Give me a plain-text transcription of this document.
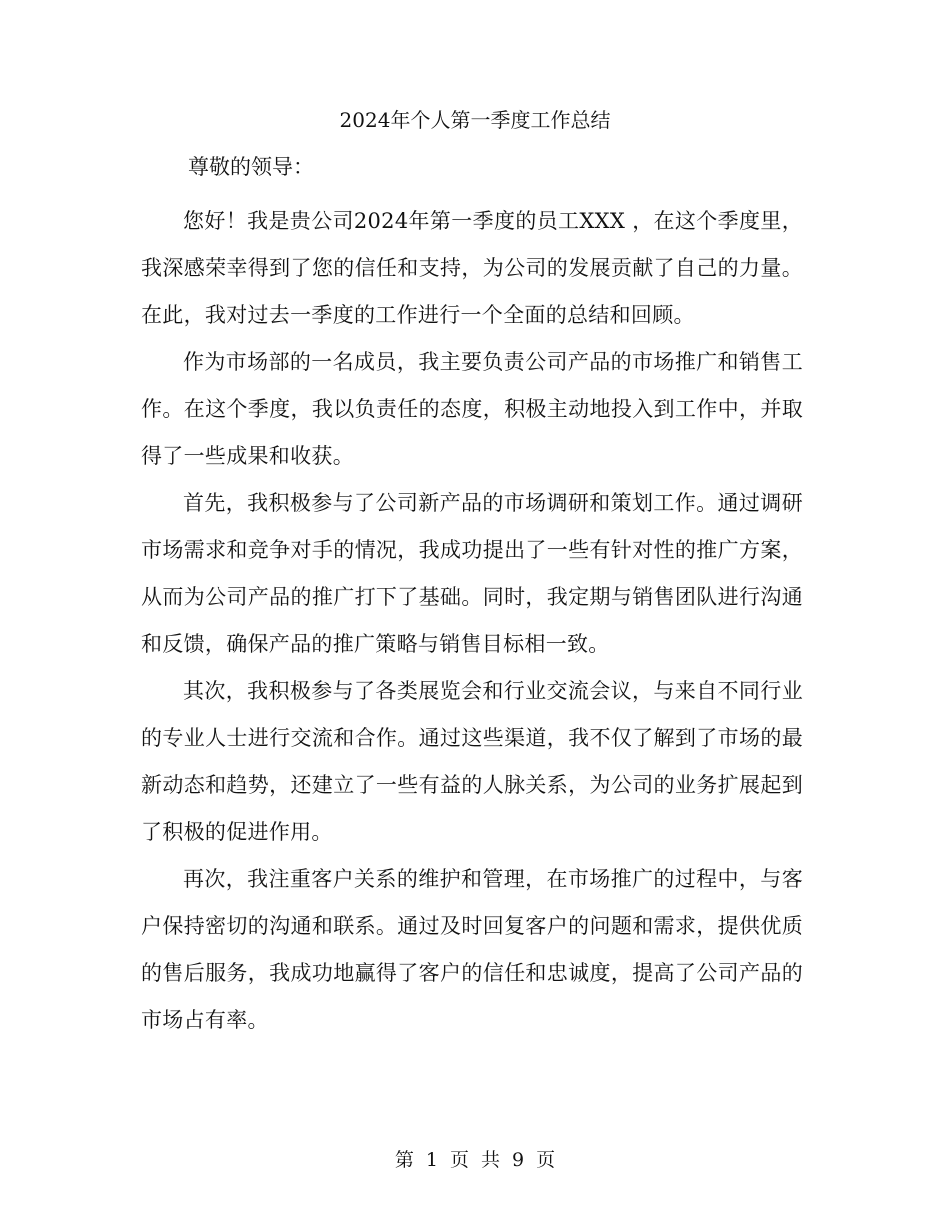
2024年个人第一季度工作总结

尊敬的领导：

您好！我是贵公司2024年第一季度的员工XXX ，在这个季度里，我深感荣幸得到了您的信任和支持，为公司的发展贡献了自己的力量。在此，我对过去一季度的工作进行一个全面的总结和回顾。

作为市场部的一名成员，我主要负责公司产品的市场推广和销售工作。在这个季度，我以负责任的态度，积极主动地投入到工作中，并取得了一些成果和收获。

首先，我积极参与了公司新产品的市场调研和策划工作。通过调研市场需求和竞争对手的情况，我成功提出了一些有针对性的推广方案，从而为公司产品的推广打下了基础。同时，我定期与销售团队进行沟通和反馈，确保产品的推广策略与销售目标相一致。

其次，我积极参与了各类展览会和行业交流会议，与来自不同行业的专业人士进行交流和合作。通过这些渠道，我不仅了解到了市场的最新动态和趋势，还建立了一些有益的人脉关系，为公司的业务扩展起到了积极的促进作用。

再次，我注重客户关系的维护和管理，在市场推广的过程中，与客户保持密切的沟通和联系。通过及时回复客户的问题和需求，提供优质的售后服务，我成功地赢得了客户的信任和忠诚度，提高了公司产品的市场占有率。

第 1 页 共 9 页
